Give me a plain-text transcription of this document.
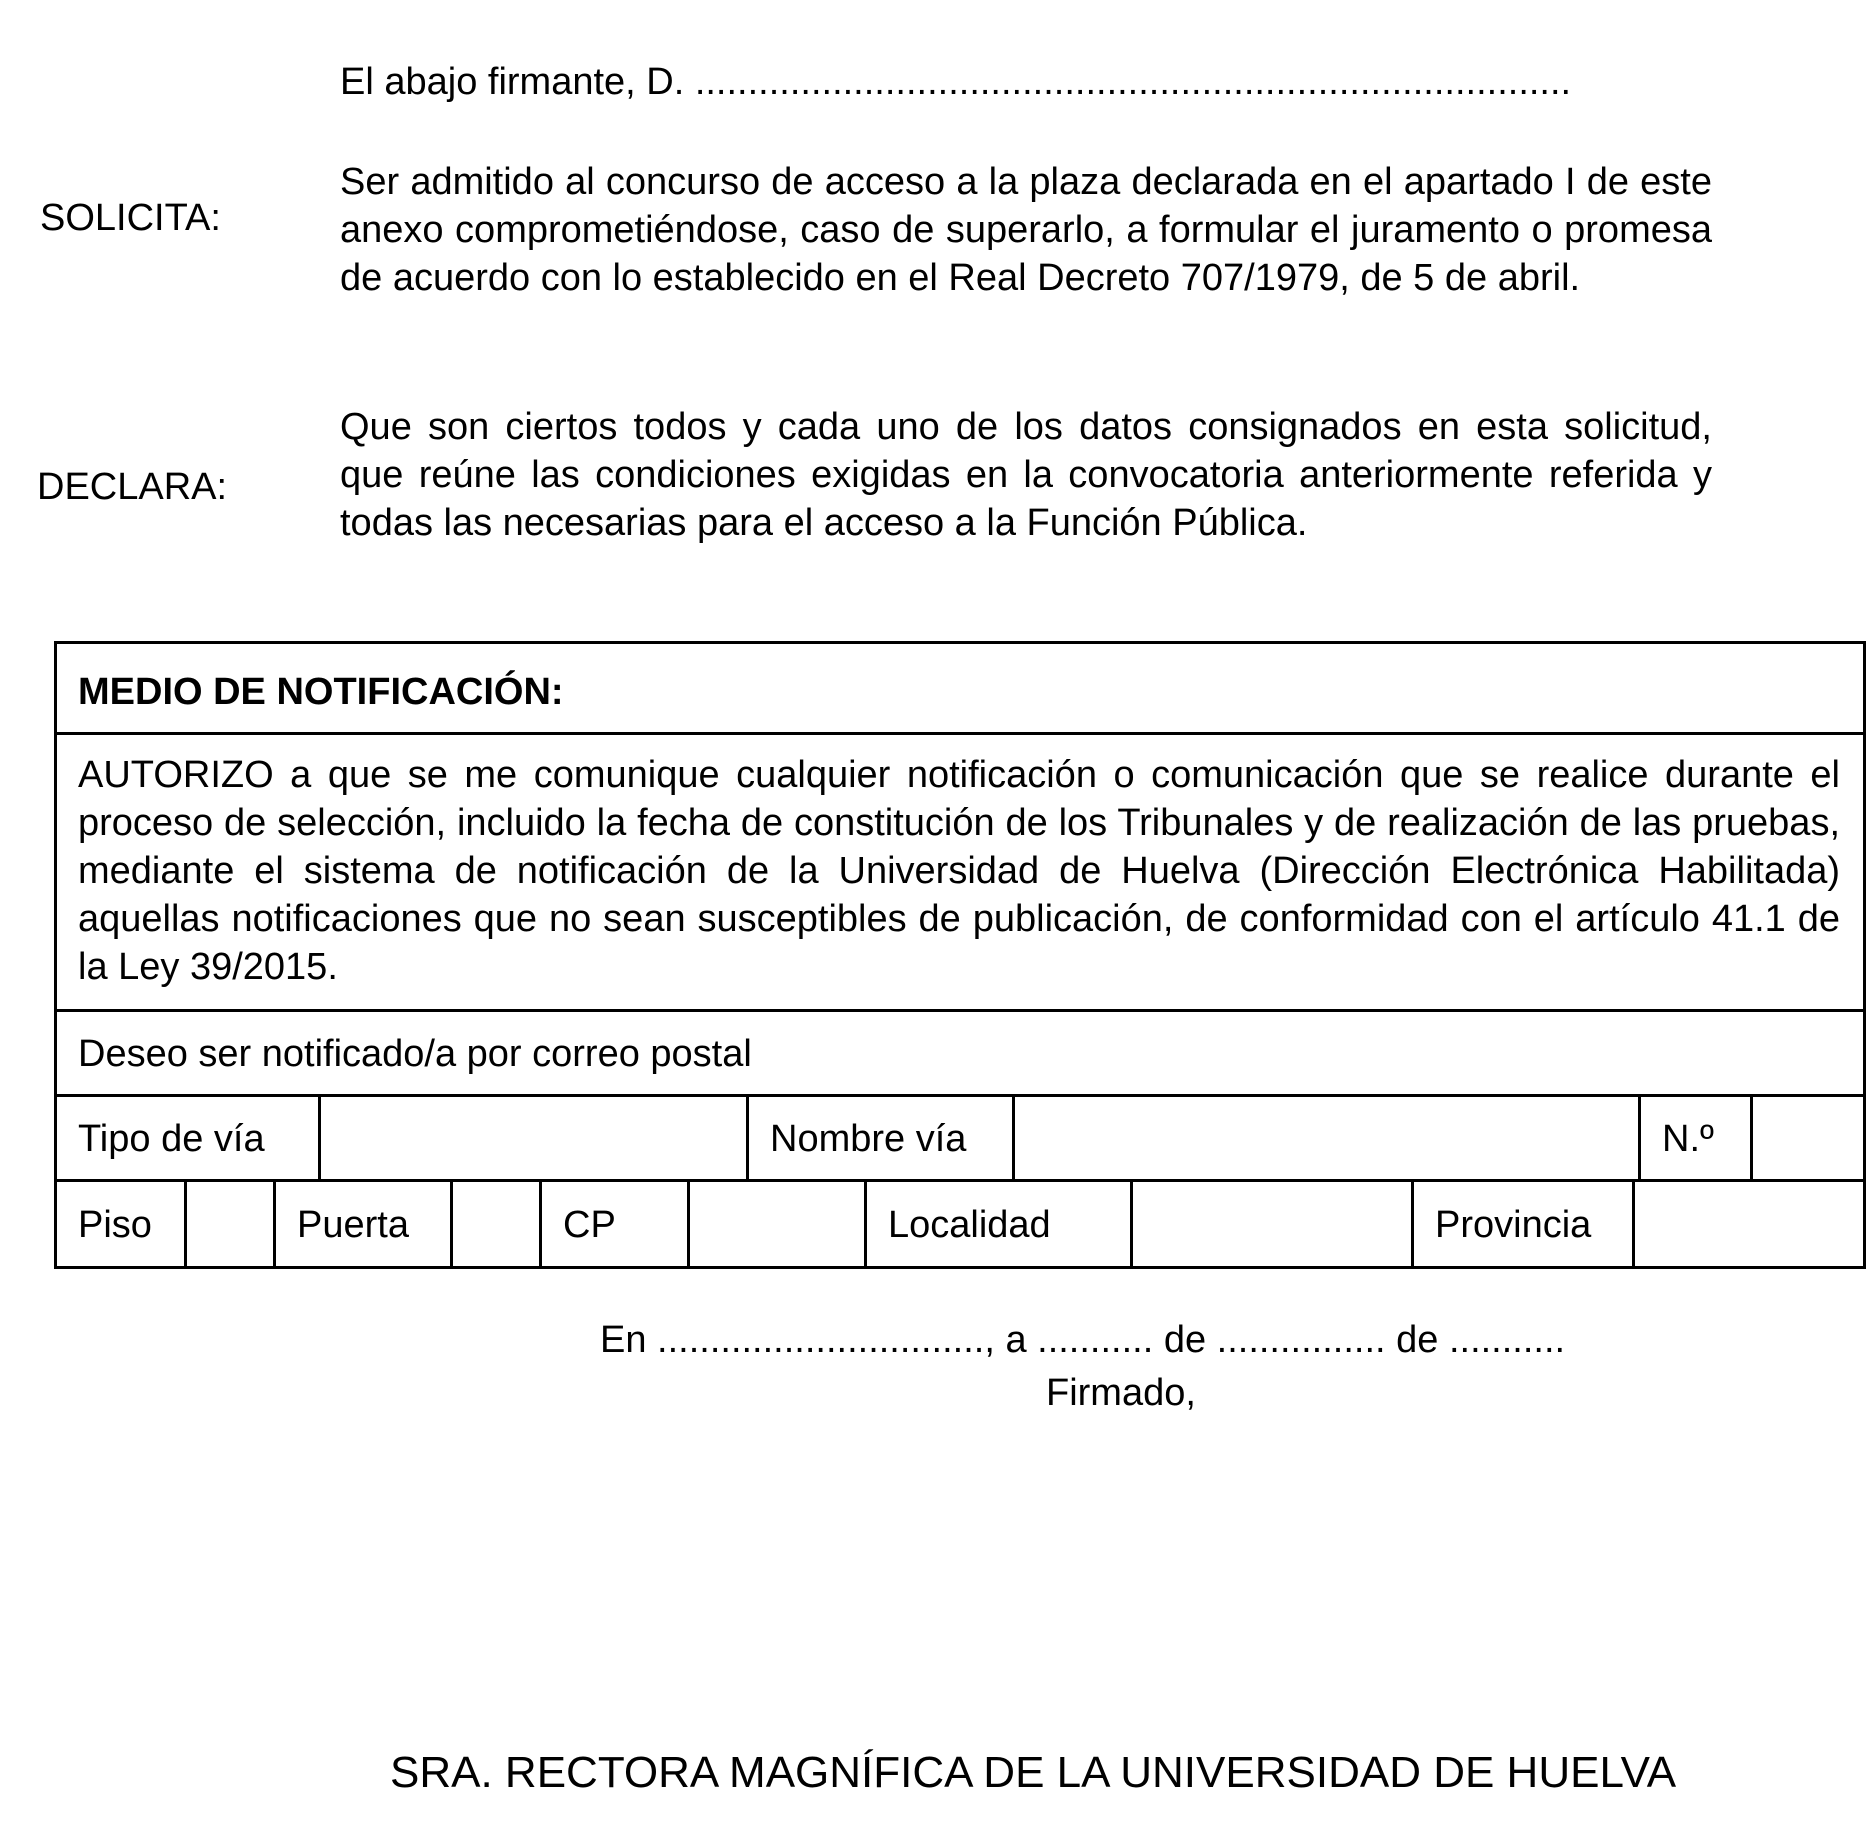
El abajo firmante, D. ...................................................................................
SOLICITA:
Ser admitido al concurso de acceso a la plaza declarada en el apartado I de este anexo comprometiéndose, caso de superarlo, a formular el juramento o promesa de acuerdo con lo establecido en el Real Decreto 707/1979, de 5 de abril.
DECLARA:
Que son ciertos todos y cada uno de los datos consignados en esta solicitud, que reúne las condiciones exigidas en la convocatoria anteriormente referida y todas las necesarias para el acceso a la Función Pública.
MEDIO DE NOTIFICACIÓN:
AUTORIZO a que se me comunique cualquier notificación o comunicación que se realice durante el proceso de selección, incluido la fecha de constitución de los Tribunales y de realización de las pruebas, mediante el sistema de notificación de la Universidad de Huelva (Dirección Electrónica Habilitada) aquellas notificaciones que no sean susceptibles de publicación, de conformidad con el artículo 41.1 de la Ley 39/2015.
Deseo ser notificado/a por correo postal
Tipo de vía	Nombre vía	N.º
Piso	Puerta	CP	Localidad	Provincia
En ..............................., a ........... de ................ de ...........
Firmado,
SRA. RECTORA MAGNÍFICA DE LA UNIVERSIDAD DE HUELVA
